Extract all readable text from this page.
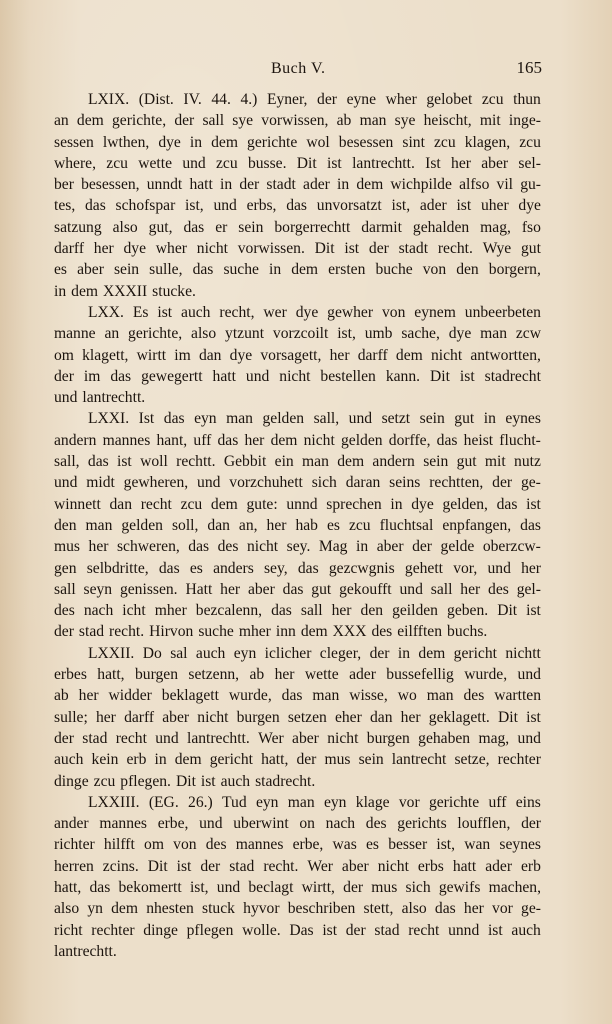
Buch V.	165
LXIX. (Dist. IV. 44. 4.) Eyner, der eyne wher gelobet zcu thun
an dem gerichte, der sall sye vorwissen, ab man sye heischt, mit inge-
sessen lwthen, dye in dem gerichte wol besessen sint zcu klagen, zcu
where, zcu wette und zcu busse. Dit ist lantrechtt. Ist her aber sel-
ber besessen, unndt hatt in der stadt ader in dem wichpilde alfso vil gu-
tes, das schofspar ist, und erbs, das unvorsatzt ist, ader ist uher dye
satzung also gut, das er sein borgerrechtt darmit gehalden mag, fso
darff her dye wher nicht vorwissen. Dit ist der stadt recht. Wye gut
es aber sein sulle, das suche in dem ersten buche von den borgern,
in dem XXXII stucke.
LXX. Es ist auch recht, wer dye gewher von eynem unbeerbeten
manne an gerichte, also ytzunt vorzcoilt ist, umb sache, dye man zcw
om klagett, wirtt im dan dye vorsagett, her darff dem nicht antwortten,
der im das gewegertt hatt und nicht bestellen kann. Dit ist stadrecht
und lantrechtt.
LXXI. Ist das eyn man gelden sall, und setzt sein gut in eynes
andern mannes hant, uff das her dem nicht gelden dorffe, das heist flucht-
sall, das ist woll rechtt. Gebbit ein man dem andern sein gut mit nutz
und midt gewheren, und vorzchuhett sich daran seins rechtten, der ge-
winnett dan recht zcu dem gute: unnd sprechen in dye gelden, das ist
den man gelden soll, dan an, her hab es zcu fluchtsal enpfangen, das
mus her schweren, das des nicht sey. Mag in aber der gelde oberzcw-
gen selbdritte, das es anders sey, das gezcwgnis gehett vor, und her
sall seyn genissen. Hatt her aber das gut gekoufft und sall her des gel-
des nach icht mher bezcalenn, das sall her den geilden geben. Dit ist
der stad recht. Hirvon suche mher inn dem XXX des eilfften buchs.
LXXII. Do sal auch eyn iclicher cleger, der in dem gericht nichtt
erbes hatt, burgen setzenn, ab her wette ader bussefellig wurde, und
ab her widder beklagett wurde, das man wisse, wo man des wartten
sulle; her darff aber nicht burgen setzen eher dan her geklagett. Dit ist
der stad recht und lantrechtt. Wer aber nicht burgen gehaben mag, und
auch kein erb in dem gericht hatt, der mus sein lantrecht setze, rechter
dinge zcu pflegen. Dit ist auch stadrecht.
LXXIII. (EG. 26.) Tud eyn man eyn klage vor gerichte uff eins
ander mannes erbe, und uberwint on nach des gerichts loufflen, der
richter hilfft om von des mannes erbe, was es besser ist, wan seynes
herren zcins. Dit ist der stad recht. Wer aber nicht erbs hatt ader erb
hatt, das bekomertt ist, und beclagt wirtt, der mus sich gewifs machen,
also yn dem nhesten stuck hyvor beschriben stett, also das her vor ge-
richt rechter dinge pflegen wolle. Das ist der stad recht unnd ist auch
lantrechtt.
